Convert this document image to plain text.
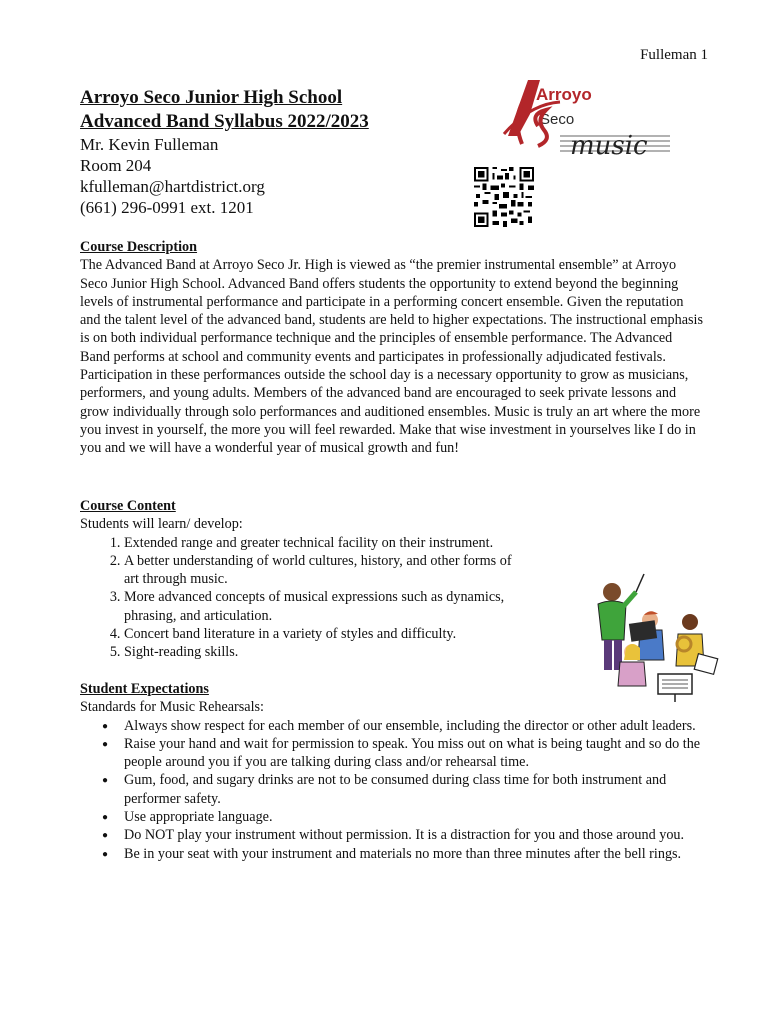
Fulleman 1
Arroyo Seco Junior High School
Advanced Band Syllabus 2022/2023
Mr. Kevin Fulleman
Room 204
kfulleman@hartdistrict.org
(661) 296-0991 ext. 1201
Arroyo
Seco
music
Course Description

The Advanced Band at Arroyo Seco Jr. High is viewed as “the premier instrumental ensemble” at Arroyo Seco Junior High School. Advanced Band offers students the opportunity to extend beyond the beginning levels of instrumental performance and participate in a performing concert ensemble. Given the reputation and the talent level of the advanced band, students are held to higher expectations. The instructional emphasis is on both individual performance technique and the principles of ensemble performance. The Advanced Band performs at school and community events and participates in professionally adjudicated festivals. Participation in these performances outside the school day is a necessary opportunity to grow as musicians, performers, and young adults. Members of the advanced band are encouraged to seek private lessons and grow individually through solo performances and auditioned ensembles. Music is truly an art where the more you invest in yourself, the more you will feel rewarded. Make that wise investment in yourselves like I do in you and we will have a wonderful year of musical growth and fun!

Course Content
Students will learn/ develop:
1. Extended range and greater technical facility on their instrument.
2. A better understanding of world cultures, history, and other forms of art through music.
3. More advanced concepts of musical expressions such as dynamics, phrasing, and articulation.
4. Concert band literature in a variety of styles and difficulty.
5. Sight-reading skills.
Student Expectations
Standards for Music Rehearsals:
● Always show respect for each member of our ensemble, including the director or other adult leaders.
● Raise your hand and wait for permission to speak. You miss out on what is being taught and so do the people around you if you are talking during class and/or rehearsal time.
● Gum, food, and sugary drinks are not to be consumed during class time for both instrument and performer safety.
● Use appropriate language.
● Do NOT play your instrument without permission. It is a distraction for you and those around you.
● Be in your seat with your instrument and materials no more than three minutes after the bell rings.
